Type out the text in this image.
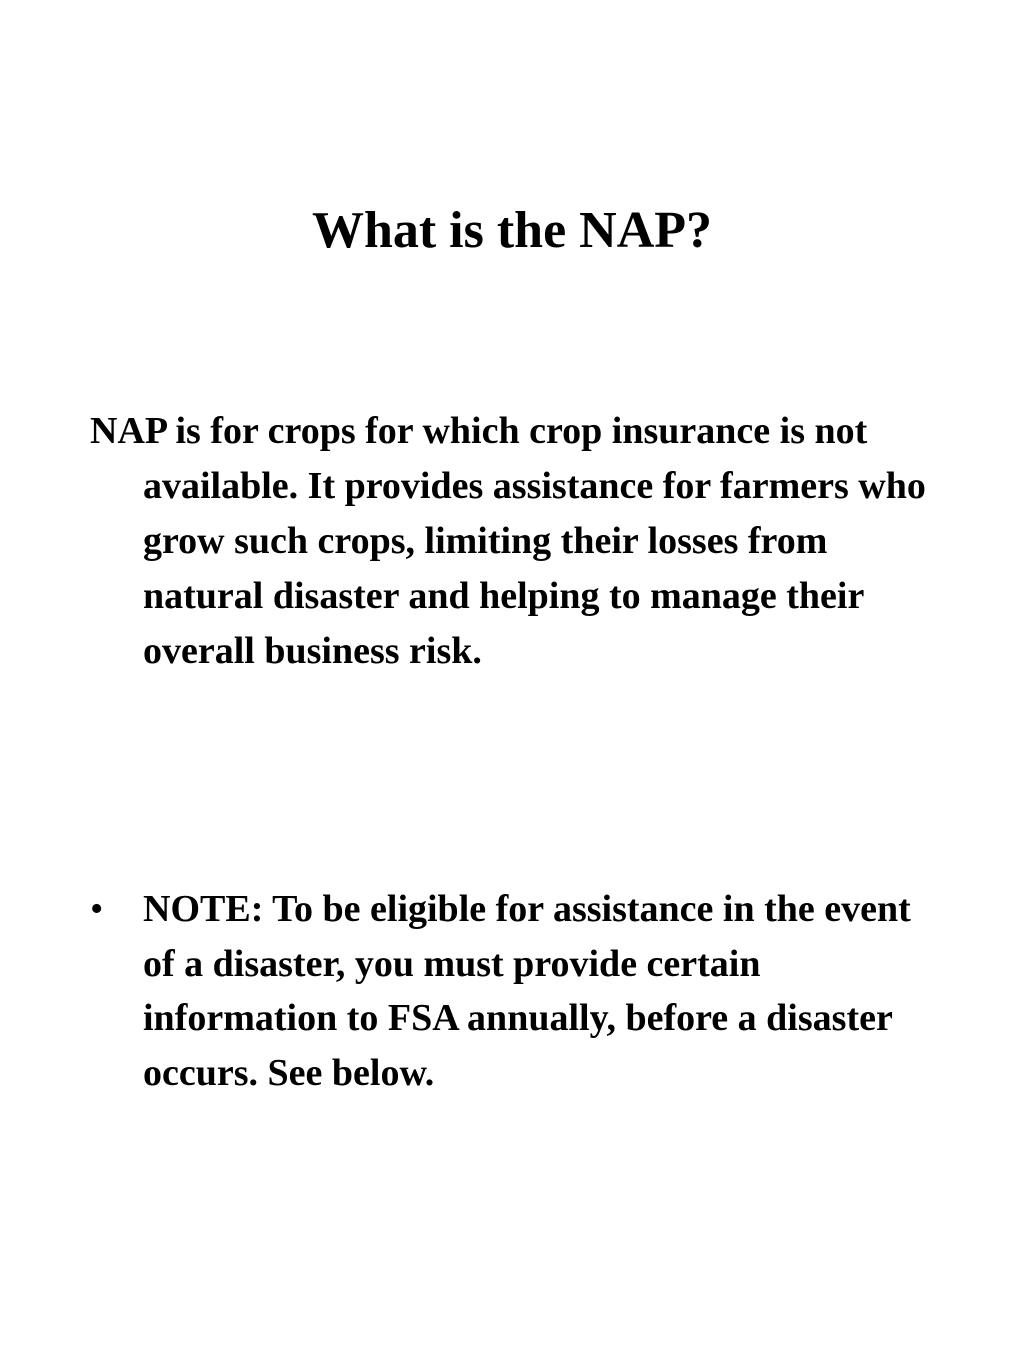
What is the NAP?

NAP is for crops for which crop insurance is not available. It provides assistance for farmers who grow such crops, limiting their losses from natural disaster and helping to manage their overall business risk.

•	NOTE: To be eligible for assistance in the event of a disaster, you must provide certain information to FSA annually, before a disaster occurs. See below.
